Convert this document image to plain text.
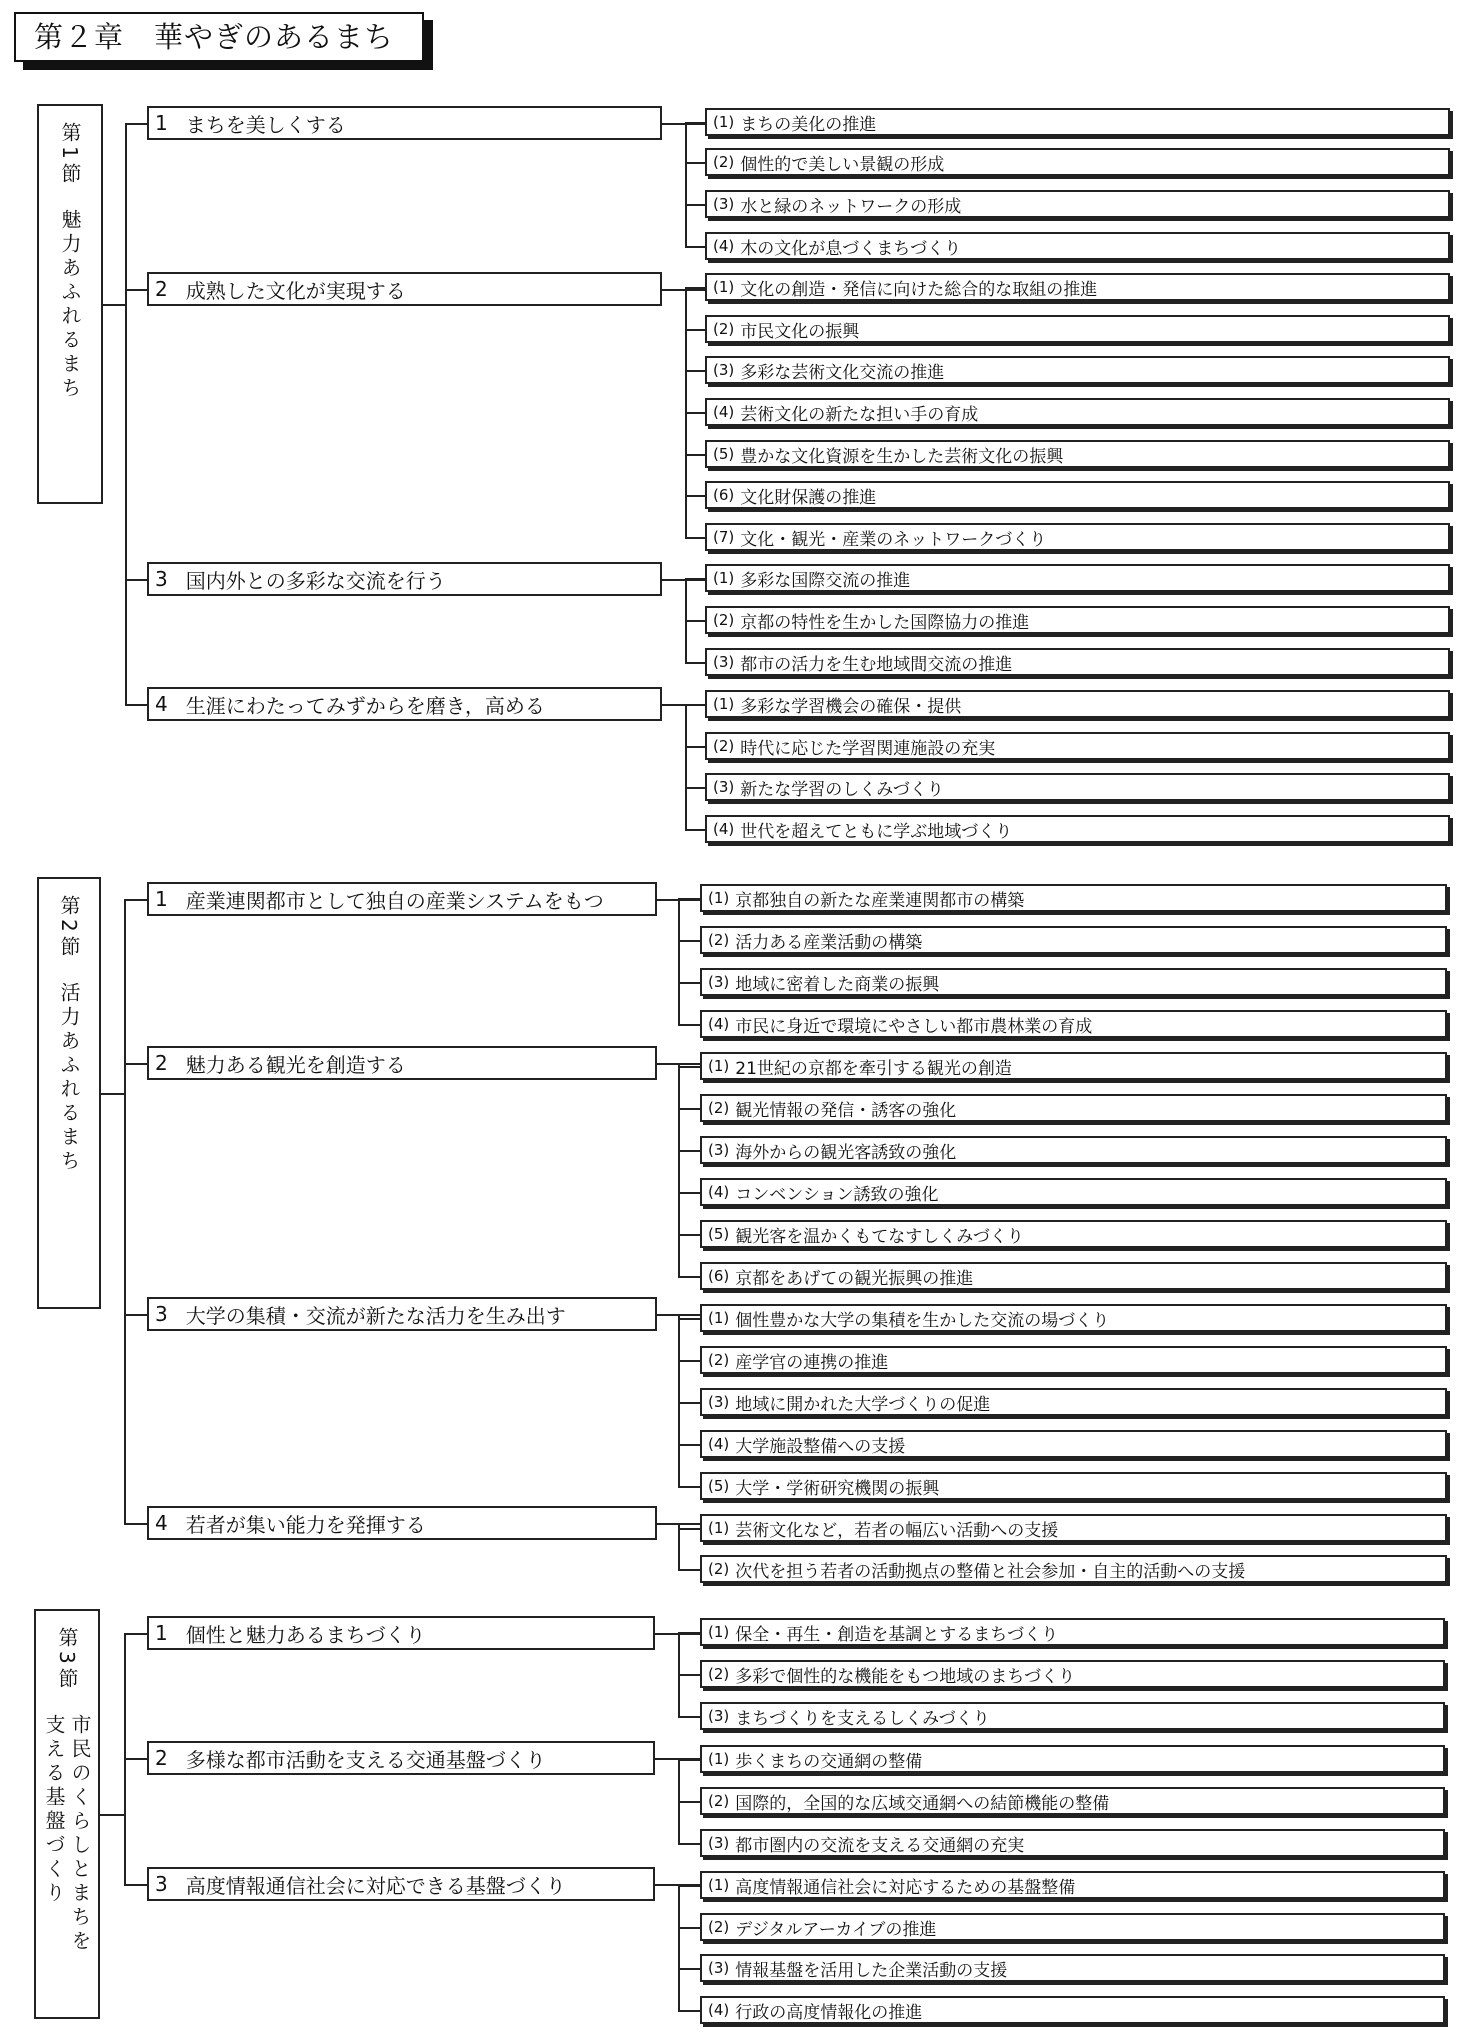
第２章　華やぎのあるまち
第1節
魅力あふれるまち
1 まちを美しくする	(1) まちの美化の推進
(2) 個性的で美しい景観の形成
(3) 水と緑のネットワークの形成
(4) 木の文化が息づくまちづくり
2 成熟した文化が実現する	(1) 文化の創造・発信に向けた総合的な取組の推進
(2) 市民文化の振興
(3) 多彩な芸術文化交流の推進
(4) 芸術文化の新たな担い手の育成
(5) 豊かな文化資源を生かした芸術文化の振興
(6) 文化財保護の推進
(7) 文化・観光・産業のネットワークづくり
3 国内外との多彩な交流を行う	(1) 多彩な国際交流の推進
(2) 京都の特性を生かした国際協力の推進
(3) 都市の活力を生む地域間交流の推進
4 生涯にわたってみずからを磨き，高める	(1) 多彩な学習機会の確保・提供
(2) 時代に応じた学習関連施設の充実
(3) 新たな学習のしくみづくり
(4) 世代を超えてともに学ぶ地域づくり
第2節
活力あふれるまち
1 産業連関都市として独自の産業システムをもつ	(1) 京都独自の新たな産業連関都市の構築
(2) 活力ある産業活動の構築
(3) 地域に密着した商業の振興
(4) 市民に身近で環境にやさしい都市農林業の育成
2 魅力ある観光を創造する	(1) 21世紀の京都を牽引する観光の創造
(2) 観光情報の発信・誘客の強化
(3) 海外からの観光客誘致の強化
(4) コンベンション誘致の強化
(5) 観光客を温かくもてなすしくみづくり
(6) 京都をあげての観光振興の推進
3 大学の集積・交流が新たな活力を生み出す	(1) 個性豊かな大学の集積を生かした交流の場づくり
(2) 産学官の連携の推進
(3) 地域に開かれた大学づくりの促進
(4) 大学施設整備への支援
(5) 大学・学術研究機関の振興
4 若者が集い能力を発揮する	(1) 芸術文化など，若者の幅広い活動への支援
(2) 次代を担う若者の活動拠点の整備と社会参加・自主的活動への支援
第3節
市民のくらしとまちを
支える基盤づくり
1 個性と魅力あるまちづくり	(1) 保全・再生・創造を基調とするまちづくり
(2) 多彩で個性的な機能をもつ地域のまちづくり
(3) まちづくりを支えるしくみづくり
2 多様な都市活動を支える交通基盤づくり	(1) 歩くまちの交通網の整備
(2) 国際的，全国的な広域交通網への結節機能の整備
(3) 都市圏内の交流を支える交通網の充実
3 高度情報通信社会に対応できる基盤づくり	(1) 高度情報通信社会に対応するための基盤整備
(2) デジタルアーカイブの推進
(3) 情報基盤を活用した企業活動の支援
(4) 行政の高度情報化の推進
